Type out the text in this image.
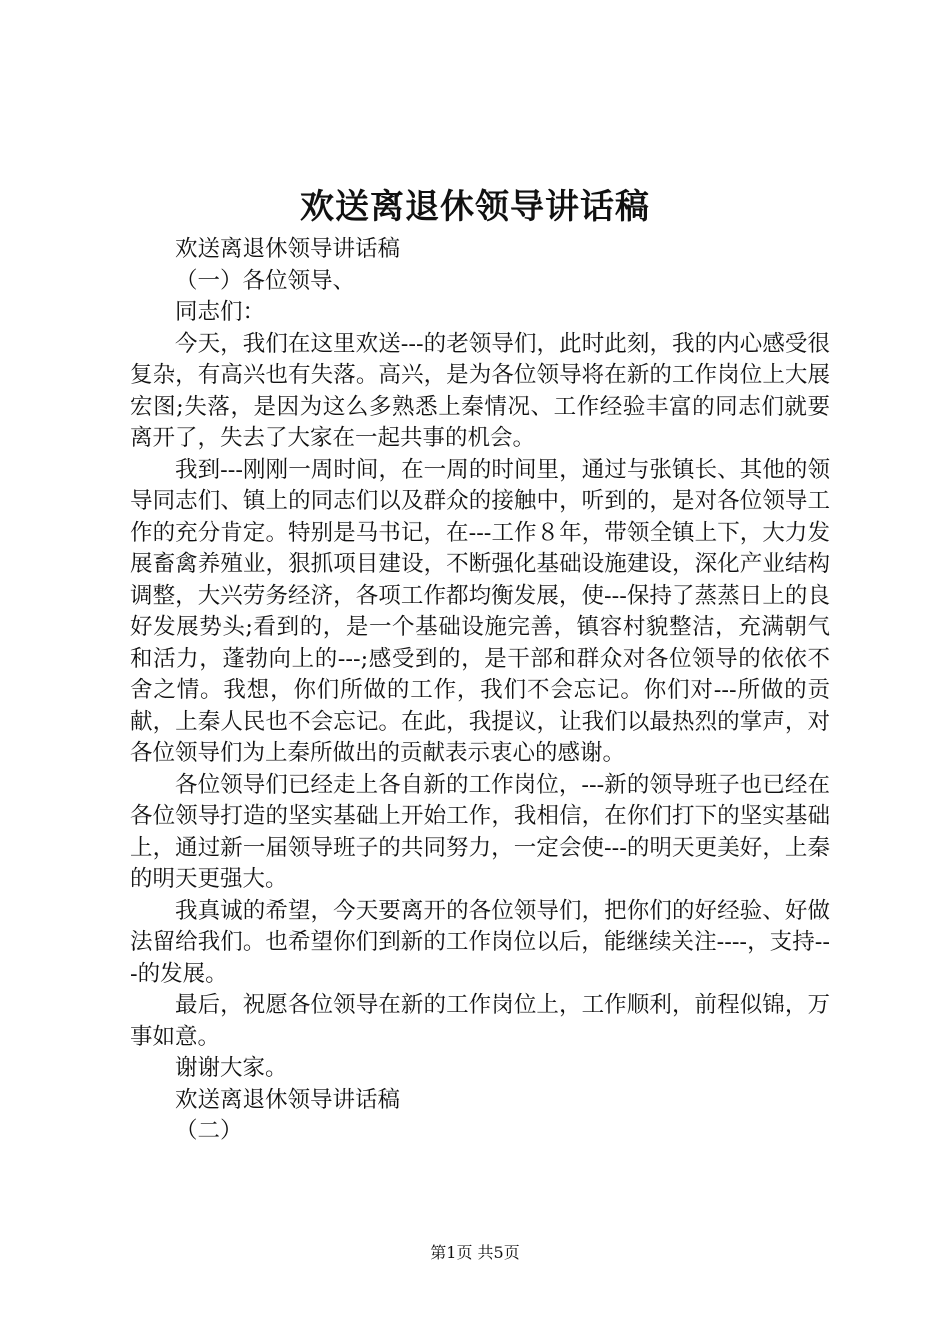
欢送离退休领导讲话稿

欢送离退休领导讲话稿

（一）各位领导、

同志们：

今天，我们在这里欢送---的老领导们，此时此刻，我的内心感受很复杂，有高兴也有失落。高兴，是为各位领导将在新的工作岗位上大展宏图;失落，是因为这么多熟悉上秦情况、工作经验丰富的同志们就要离开了，失去了大家在一起共事的机会。

我到---刚刚一周时间，在一周的时间里，通过与张镇长、其他的领导同志们、镇上的同志们以及群众的接触中，听到的，是对各位领导工作的充分肯定。特别是马书记，在---工作８年，带领全镇上下，大力发展畜禽养殖业，狠抓项目建设，不断强化基础设施建设，深化产业结构调整，大兴劳务经济，各项工作都均衡发展，使---保持了蒸蒸日上的良好发展势头;看到的，是一个基础设施完善，镇容村貌整洁，充满朝气和活力，蓬勃向上的---;感受到的，是干部和群众对各位领导的依依不舍之情。我想，你们所做的工作，我们不会忘记。你们对---所做的贡献，上秦人民也不会忘记。在此，我提议，让我们以最热烈的掌声，对各位领导们为上秦所做出的贡献表示衷心的感谢。

各位领导们已经走上各自新的工作岗位，---新的领导班子也已经在各位领导打造的坚实基础上开始工作，我相信，在你们打下的坚实基础上，通过新一届领导班子的共同努力，一定会使---的明天更美好，上秦的明天更强大。

我真诚的希望，今天要离开的各位领导们，把你们的好经验、好做法留给我们。也希望你们到新的工作岗位以后，能继续关注----，支持---的发展。

最后，祝愿各位领导在新的工作岗位上，工作顺利，前程似锦，万事如意。

谢谢大家。

欢送离退休领导讲话稿

（二）

第1页 共5页
